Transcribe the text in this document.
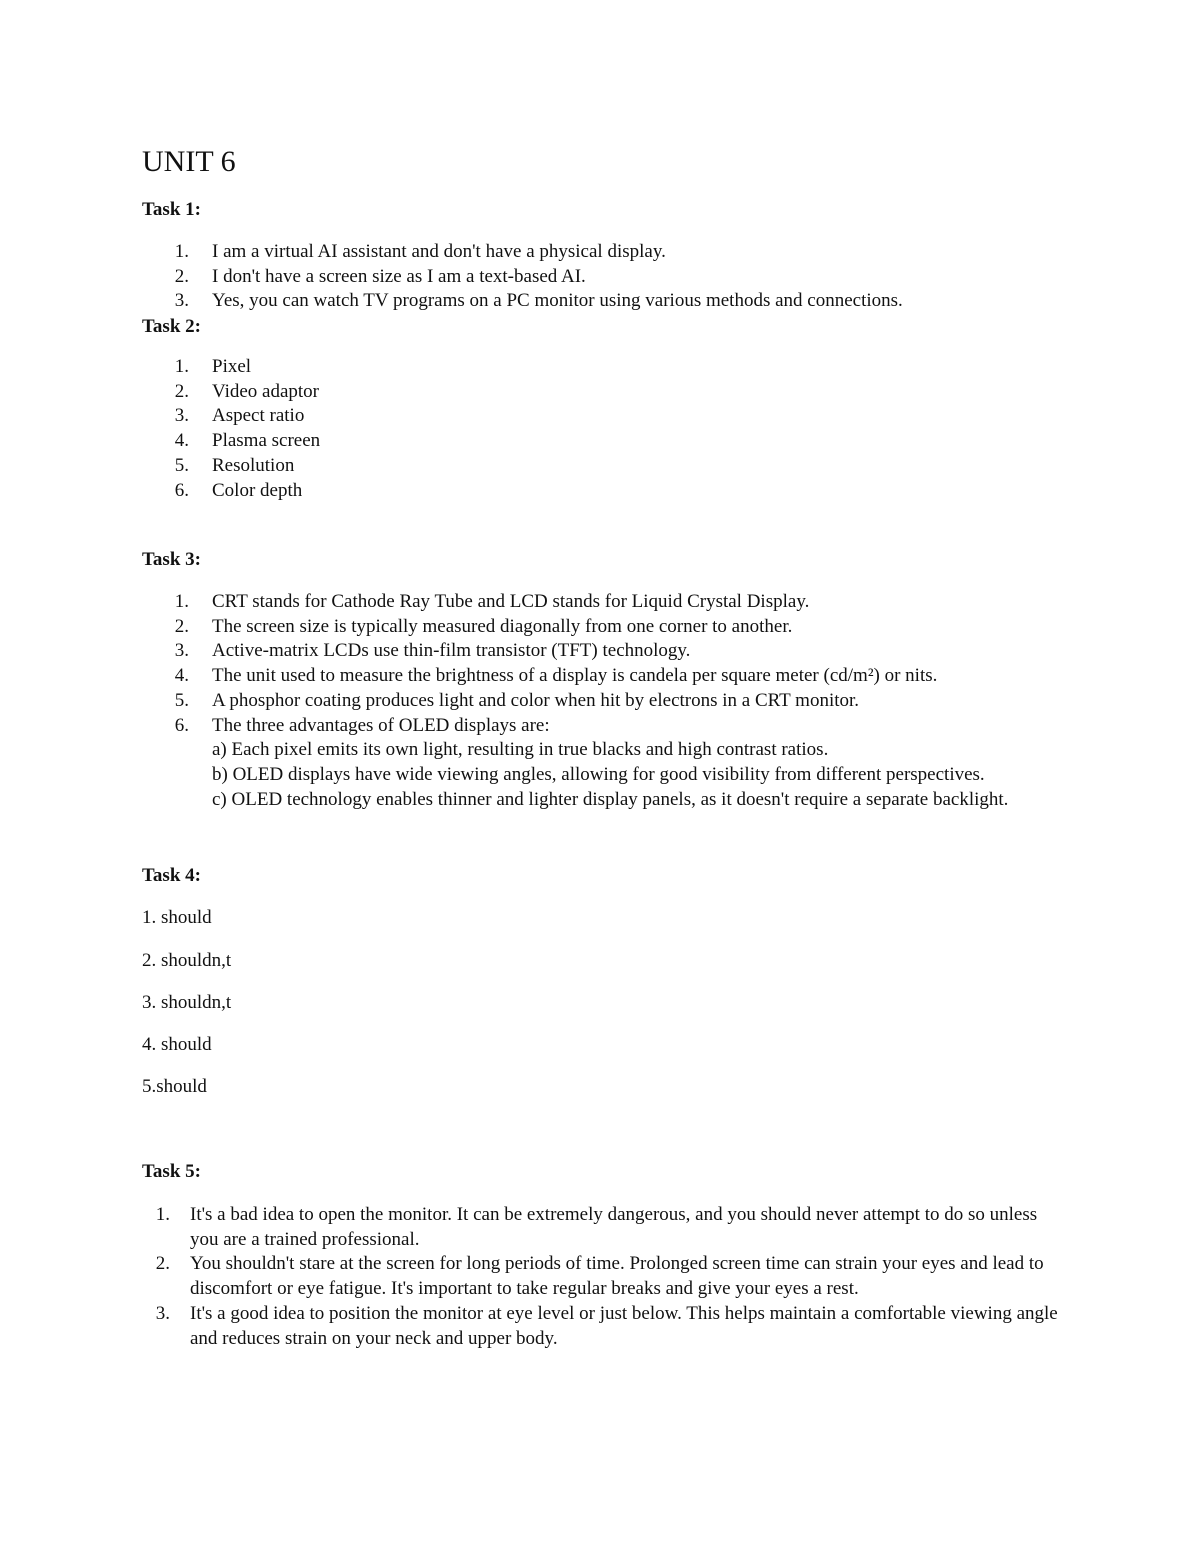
UNIT 6
Task 1:
1. I am a virtual AI assistant and don't have a physical display.
2. I don't have a screen size as I am a text-based AI.
3. Yes, you can watch TV programs on a PC monitor using various methods and connections.
Task 2:
1. Pixel
2. Video adaptor
3. Aspect ratio
4. Plasma screen
5. Resolution
6. Color depth
Task 3:
1. CRT stands for Cathode Ray Tube and LCD stands for Liquid Crystal Display.
2. The screen size is typically measured diagonally from one corner to another.
3. Active-matrix LCDs use thin-film transistor (TFT) technology.
4. The unit used to measure the brightness of a display is candela per square meter (cd/m²) or nits.
5. A phosphor coating produces light and color when hit by electrons in a CRT monitor.
6. The three advantages of OLED displays are:
a) Each pixel emits its own light, resulting in true blacks and high contrast ratios.
b) OLED displays have wide viewing angles, allowing for good visibility from different perspectives.
c) OLED technology enables thinner and lighter display panels, as it doesn't require a separate backlight.
Task 4:

1. should

2. shouldn,t

3. shouldn,t

4. should

5.should

Task 5:
1. It's a bad idea to open the monitor. It can be extremely dangerous, and you should never attempt to do so unless you are a trained professional.
2. You shouldn't stare at the screen for long periods of time. Prolonged screen time can strain your eyes and lead to discomfort or eye fatigue. It's important to take regular breaks and give your eyes a rest.
3. It's a good idea to position the monitor at eye level or just below. This helps maintain a comfortable viewing angle and reduces strain on your neck and upper body.
